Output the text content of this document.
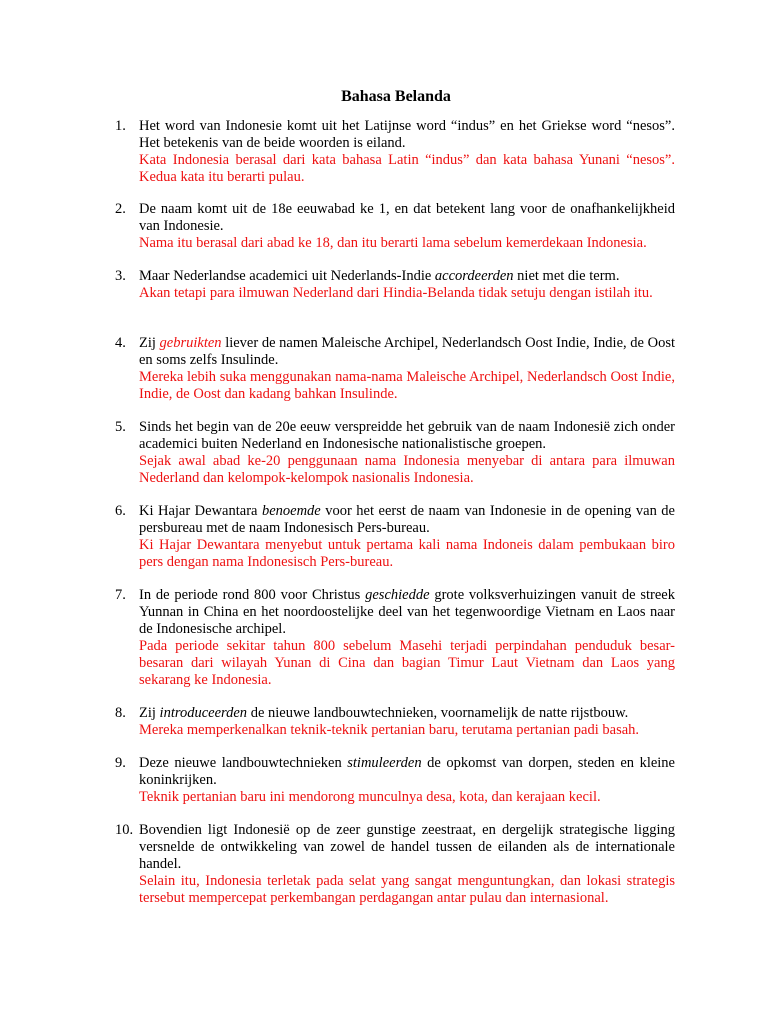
Bahasa Belanda
1. Het word van Indonesie komt uit het Latijnse word “indus” en het Griekse word “nesos”. Het betekenis van de beide woorden is eiland.
Kata Indonesia berasal dari kata bahasa Latin “indus” dan kata bahasa Yunani “nesos”. Kedua kata itu berarti pulau.
2. De naam komt uit de 18e eeuwabad ke 1, en dat betekent lang voor de onafhankelijkheid van Indonesie.
Nama itu berasal dari abad ke 18, dan itu berarti lama sebelum kemerdekaan Indonesia.
3. Maar Nederlandse academici uit Nederlands-Indie accordeerden niet met die term.
Akan tetapi para ilmuwan Nederland dari Hindia-Belanda tidak setuju dengan istilah itu.
4. Zij gebruikten liever de namen Maleische Archipel, Nederlandsch Oost Indie, Indie, de Oost en soms zelfs Insulinde.
Mereka lebih suka menggunakan nama-nama Maleische Archipel, Nederlandsch Oost Indie, Indie, de Oost dan kadang bahkan Insulinde.
5. Sinds het begin van de 20e eeuw verspreidde het gebruik van de naam Indonesië zich onder academici buiten Nederland en Indonesische nationalistische groepen.
Sejak awal abad ke-20 penggunaan nama Indonesia menyebar di antara para ilmuwan Nederland dan kelompok-kelompok nasionalis Indonesia.
6. Ki Hajar Dewantara benoemde voor het eerst de naam van Indonesie in de opening van de persbureau met de naam Indonesisch Pers-bureau.
Ki Hajar Dewantara menyebut untuk pertama kali nama Indoneis dalam pembukaan biro pers dengan nama Indonesisch Pers-bureau.
7. In de periode rond 800 voor Christus geschiedde grote volksverhuizingen vanuit de streek Yunnan in China en het noordoostelijke deel van het tegenwoordige Vietnam en Laos naar de Indonesische archipel.
Pada periode sekitar tahun 800 sebelum Masehi terjadi perpindahan penduduk besar-besaran dari wilayah Yunan di Cina dan bagian Timur Laut Vietnam dan Laos yang sekarang ke Indonesia.
8. Zij introduceerden de nieuwe landbouwtechnieken, voornamelijk de natte rijstbouw.
Mereka memperkenalkan teknik-teknik pertanian baru, terutama pertanian padi basah.
9. Deze nieuwe landbouwtechnieken stimuleerden de opkomst van dorpen, steden en kleine koninkrijken.
Teknik pertanian baru ini mendorong munculnya desa, kota, dan kerajaan kecil.
10. Bovendien ligt Indonesië op de zeer gunstige zeestraat, en dergelijk strategische ligging versnelde de ontwikkeling van zowel de handel tussen de eilanden als de internationale handel.
Selain itu, Indonesia terletak pada selat yang sangat menguntungkan, dan lokasi strategis tersebut mempercepat perkembangan perdagangan antar pulau dan internasional.
